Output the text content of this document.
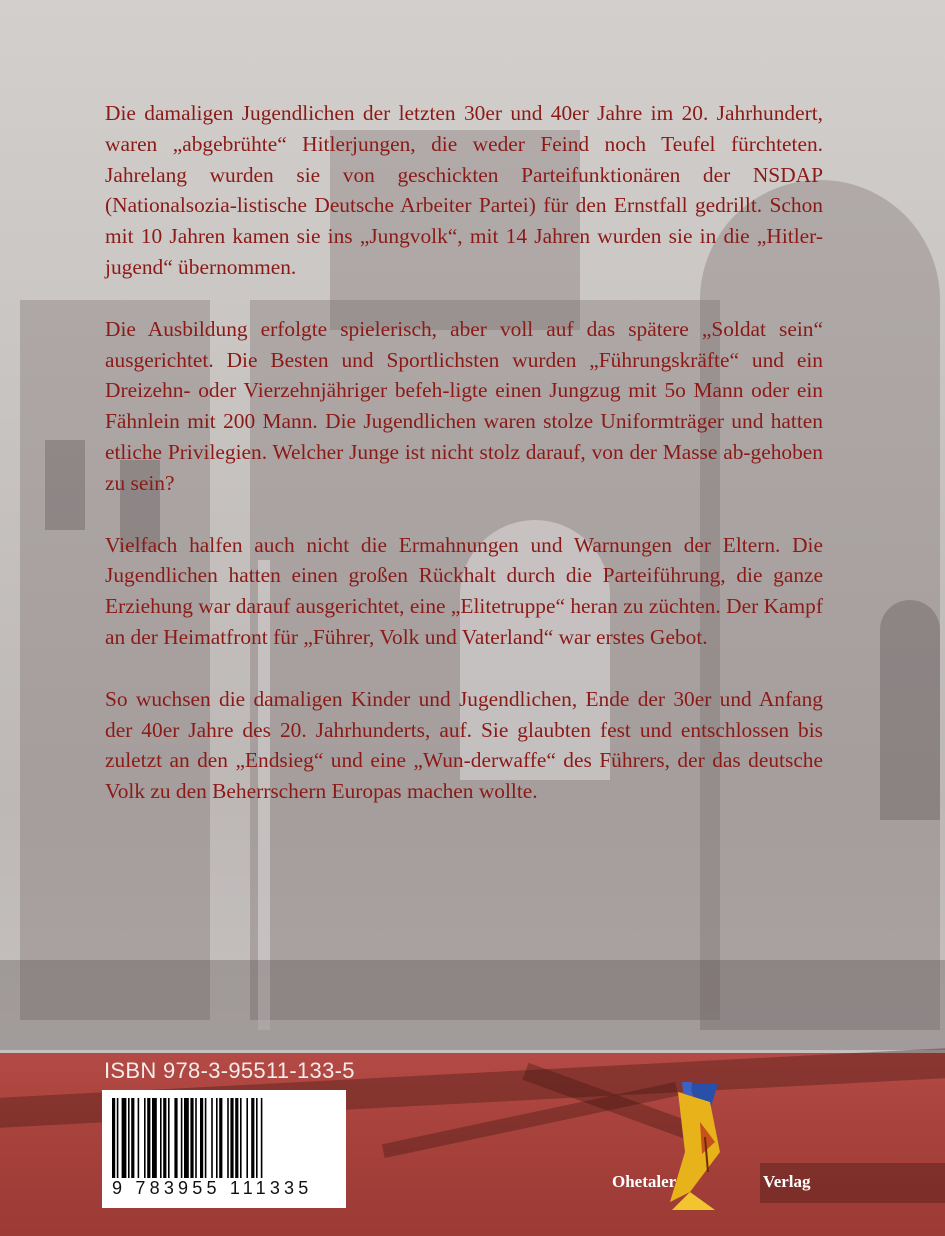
Die damaligen Jugendlichen der letzten 30er und 40er Jahre im 20. Jahrhundert, waren „abgebrühte“ Hitlerjungen, die weder Feind noch Teufel fürchteten. Jahrelang wurden sie von geschickten Parteifunktionären der NSDAP (Nationalsozia-listische Deutsche Arbeiter Partei) für den Ernstfall gedrillt. Schon mit 10 Jahren kamen sie ins „Jungvolk“, mit 14 Jahren wurden sie in die „Hitler-jugend“ übernommen.

Die Ausbildung erfolgte spielerisch, aber voll auf das spätere „Soldat sein“ ausgerichtet. Die Besten und Sportlichsten wurden „Führungskräfte“ und ein Dreizehn- oder Vierzehnjähriger befeh-ligte einen Jungzug mit 5o Mann oder ein Fähnlein mit 200 Mann. Die Jugendlichen waren stolze Uniformträger und hatten etliche Privilegien. Welcher Junge ist nicht stolz darauf, von der Masse ab-gehoben zu sein?

Vielfach halfen auch nicht die Ermahnungen und Warnungen der Eltern. Die Jugendlichen hatten einen großen Rückhalt durch die Parteiführung, die ganze Erziehung war darauf ausgerichtet, eine „Elitetruppe“ heran zu züchten. Der Kampf an der Heimatfront für „Führer, Volk und Vaterland“ war erstes Gebot.

So wuchsen die damaligen Kinder und Jugendlichen, Ende der 30er und Anfang der 40er Jahre des 20. Jahrhunderts, auf. Sie glaubten fest und entschlossen bis zuletzt an den „Endsieg“ und eine „Wun-derwaffe“ des Führers, der das deutsche Volk zu den Beherrschern Europas machen wollte.

ISBN 978-3-95511-133-5
9 783955 111335	Ohetaler	Verlag
